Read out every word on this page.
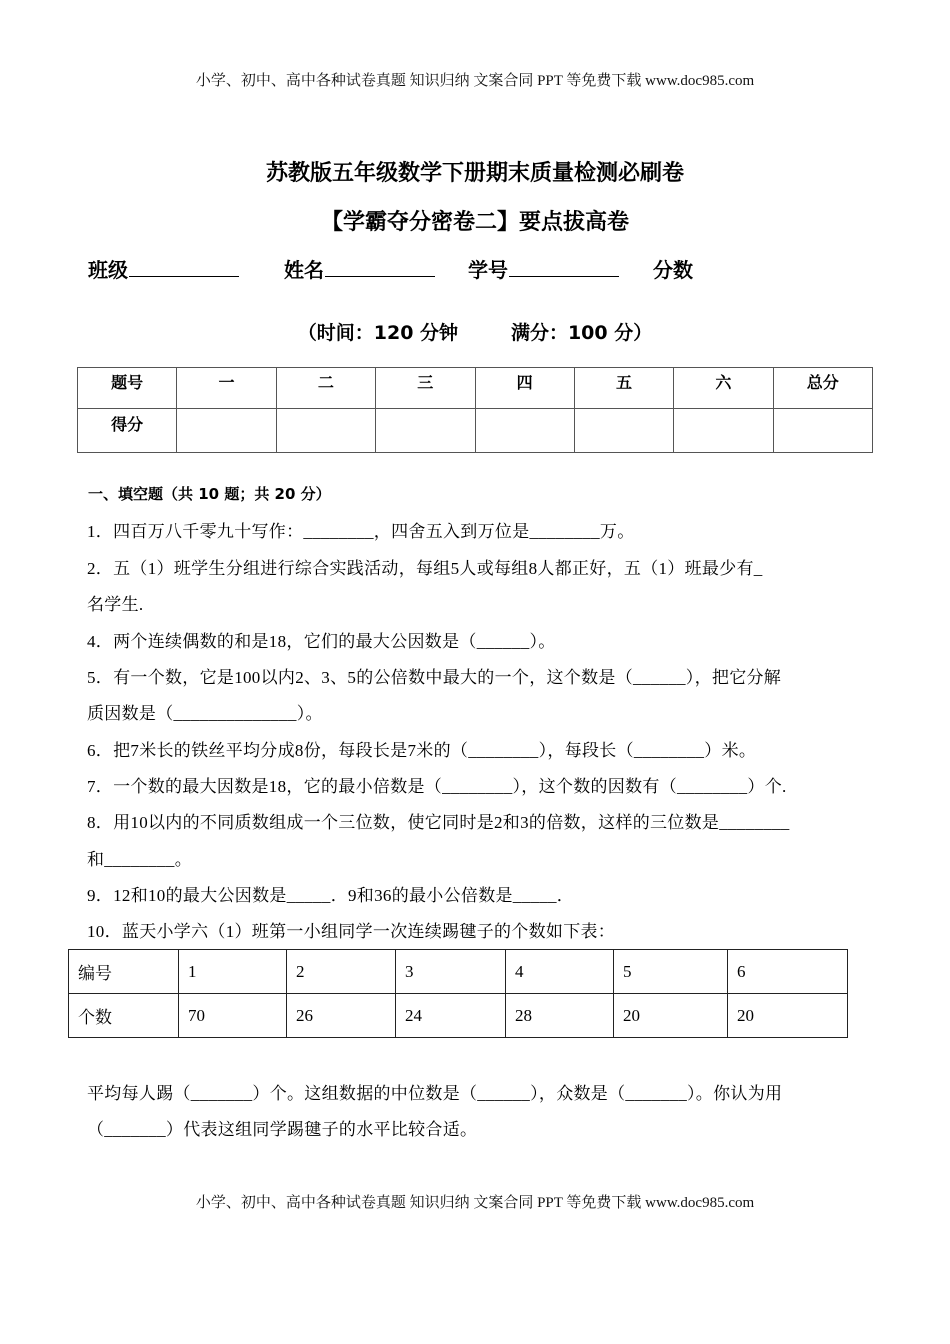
小学、初中、高中各种试卷真题 知识归纳 文案合同 PPT 等免费下载 www.doc985.com
苏教版五年级数学下册期末质量检测必刷卷
【学霸夺分密卷二】要点拔高卷
班级	姓名	学号	分数
（时间：120 分钟        满分：100 分）
题号	一	二	三	四	五	六	总分
得分							
一、填空题（共 10 题；共 20 分）
1．四百万八千零九十写作：________，四舍五入到万位是________万。
2．五（1）班学生分组进行综合实践活动，每组5人或每组8人都正好，五（1）班最少有_
名学生.
4．两个连续偶数的和是18，它们的最大公因数是（______）。
5．有一个数，它是100以内2、3、5的公倍数中最大的一个，这个数是（______），把它分解
质因数是（______________）。
6．把7米长的铁丝平均分成8份，每段长是7米的（________），每段长（________）米。
7．一个数的最大因数是18，它的最小倍数是（________），这个数的因数有（________）个.
8．用10以内的不同质数组成一个三位数，使它同时是2和3的倍数，这样的三位数是________
和________。
9．12和10的最大公因数是_____．9和36的最小公倍数是_____．
10．蓝天小学六（1）班第一小组同学一次连续踢毽子的个数如下表：
编号	1	2	3	4	5	6
个数	70	26	24	28	20	20
平均每人踢（_______）个。这组数据的中位数是（______），众数是（_______）。你认为用
（_______）代表这组同学踢毽子的水平比较合适。
小学、初中、高中各种试卷真题 知识归纳 文案合同 PPT 等免费下载 www.doc985.com
